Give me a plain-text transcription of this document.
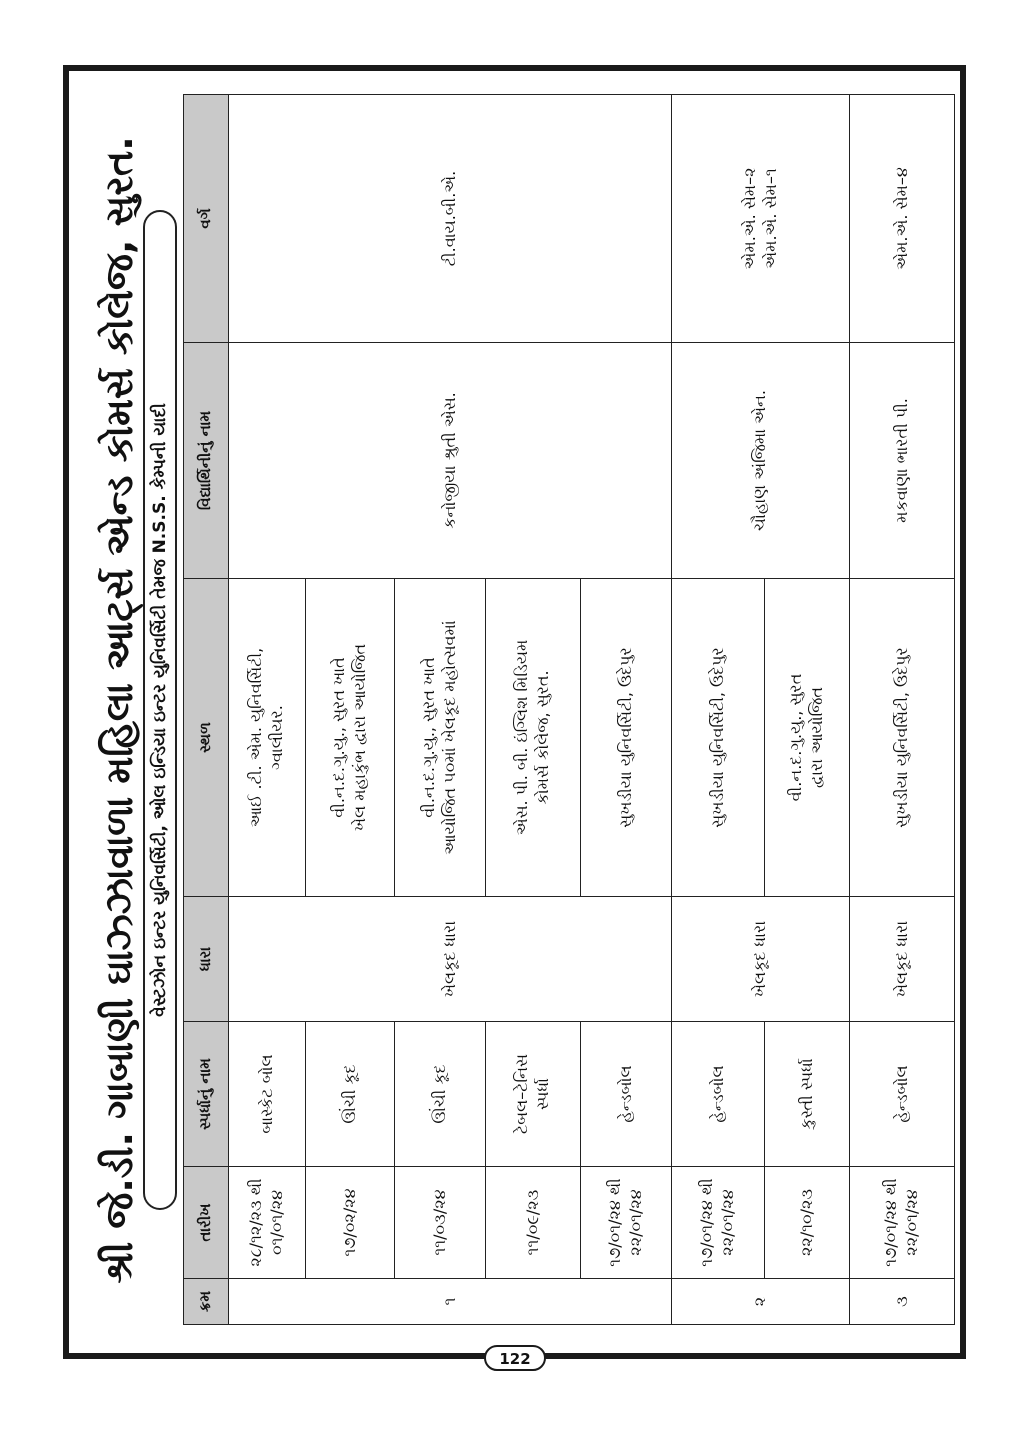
શ્રી જે.ડી. ગાબાણી ઘાઝ્ઝાવાળા મહિલા આર્ટ્સ એન્ડ કોમર્સ કોલેજ, સુરત. વેસ્ટઝોન ઇન્ટર યુનિવર્સિટી, ઓલ ઇન્ડિયા ઇન્ટર યુનિવર્સિટી તેમજ N.S.S. કેમ્પની યાદી
ક્રમ	તારીખ	સ્પર્ધાનું નામ	ધારા	સ્થળ	વિદ્યાર્થિનીનું નામ	વર્ગ
૧	૨૮/૧૨/૨૩ થી ૦૧/૦૧/૨૪	બાસ્કેટ બોલ	ખેલકૂદ ધારા	આઈ .ટી. એમ. યુનિવર્સિટી, ગ્વાલીયર.	કનોજીયા શ્રુતી એસ.	ટી.વાય.બી.એ.

	૧૭/૦૨/૨૪	ઊંચી કૂદ		વી.ન.દ.ગુ.યુ., સુરત ખાતે ખેલ મહાકુંભ દ્વારા આયોજિત		

	૧૧/૦૩/૨૪	ઊંચી કૂદ		વી.ન.દ.ગુ.યુ., સુરત ખાતે આયોજિત ૫૦માં ખેલકૂદ મહોત્સવમાં		

	૧૧/૦૯/૨૩	ટેબલ–ટેનિસ સ્પર્ધા		એસ. પી. બી. ઇંગ્લિશ મિડિયમ કોમર્સ કોલેજ, સુરત.		

	૧૭/૦૧/૨૪ થી ૨૨/૦૧/૨૪	હેન્ડબોલ		સુખડીયા યુનિવર્સિટી, ઉદેપુર		
૨	૧૭/૦૧/૨૪ થી ૨૨/૦૧/૨૪	હેન્ડબોલ	ખેલકૂદ ધારા	સુખડીયા યુનિવર્સિટી, ઉદેપુર	ચૌહાણ અંજિમા એન.	એમ.એ. સેમ–૨ એમ.એ. સેમ–૧

	૨૨/૧૦/૨૩	કુસ્તી સ્પર્ધા		વી.ન.દ.ગુ.યુ., સુરત દ્વારા આયોજિત		

૩	૧૭/૦૧/૨૪ થી ૨૨/૦૧/૨૪	હેન્ડબોલ	ખેલકૂદ ધારા	સુખડીયા યુનિવર્સિટી, ઉદેપુર	મકવાણા ભારતી પી.	એમ.એ. સેમ–૪
122
